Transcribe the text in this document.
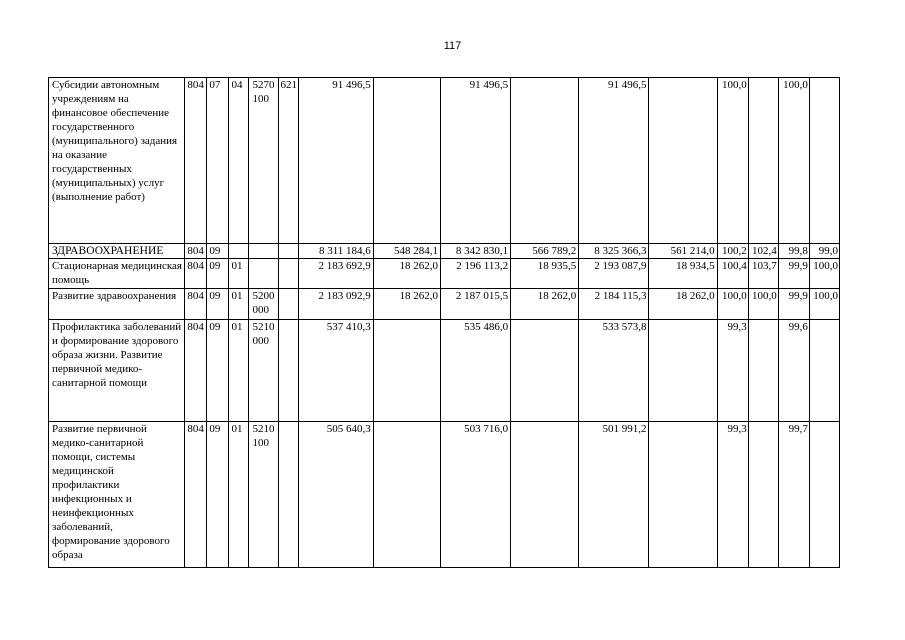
117
Субсидии автономным учреждениям на финансовое обеспечение государственного (муниципального) задания на оказание государственных (муниципальных) услуг (выполнение работ)	804	07	04	5270 100	621	91 496,5		91 496,5		91 496,5		100,0		100,0	
ЗДРАВООХРАНЕНИЕ	804	09				8 311 184,6	548 284,1	8 342 830,1	566 789,2	8 325 366,3	561 214,0	100,2	102,4	99,8	99,0
Стационарная медицинская помощь	804	09	01			2 183 692,9	18 262,0	2 196 113,2	18 935,5	2 193 087,9	18 934,5	100,4	103,7	99,9	100,0
Развитие здравоохранения	804	09	01	5200 000		2 183 092,9	18 262,0	2 187 015,5	18 262,0	2 184 115,3	18 262,0	100,0	100,0	99,9	100,0
Профилактика заболеваний и формирование здорового образа жизни. Развитие первичной медико-санитарной помощи	804	09	01	5210 000		537 410,3		535 486,0		533 573,8		99,3		99,6	
Развитие первичной медико-санитарной помощи, системы медицинской профилактики инфекционных и неинфекционных заболеваний, формирование здорового образа	804	09	01	5210 100		505 640,3		503 716,0		501 991,2		99,3		99,7	
